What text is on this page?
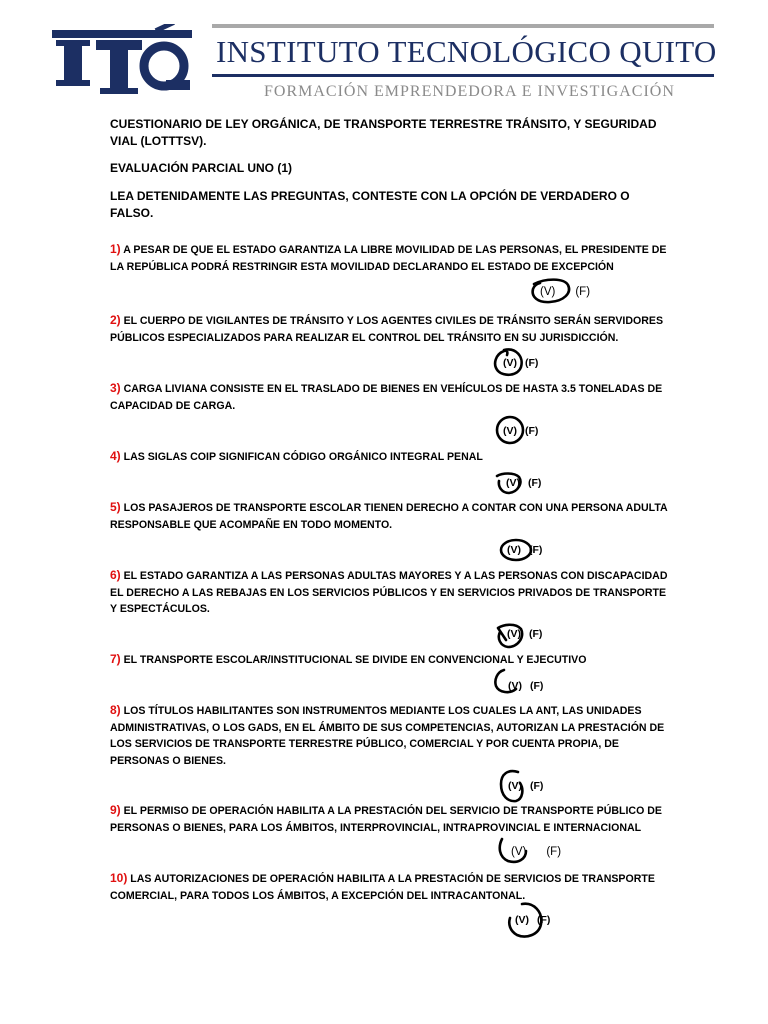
INSTITUTO TECNOLÓGICO QUITO
FORMACIÓN EMPRENDEDORA E INVESTIGACIÓN
CUESTIONARIO DE LEY ORGÁNICA, DE TRANSPORTE TERRESTRE TRÁNSITO, Y SEGURIDAD VIAL (LOTTTSV).
EVALUACIÓN PARCIAL UNO (1)
LEA DETENIDAMENTE LAS PREGUNTAS, CONTESTE CON LA OPCIÓN DE VERDADERO O FALSO.
1) A PESAR DE QUE EL ESTADO GARANTIZA LA LIBRE MOVILIDAD DE LAS PERSONAS, EL PRESIDENTE DE LA REPÚBLICA PODRÁ RESTRINGIR ESTA MOVILIDAD DECLARANDO EL ESTADO DE EXCEPCIÓN
(V) (F)
2) EL CUERPO DE VIGILANTES DE TRÁNSITO Y LOS AGENTES CIVILES DE TRÁNSITO SERÁN SERVIDORES PÚBLICOS ESPECIALIZADOS PARA REALIZAR EL CONTROL DEL TRÁNSITO EN SU JURISDICCIÓN.
(V) (F)
3) CARGA LIVIANA CONSISTE EN EL TRASLADO DE BIENES EN VEHÍCULOS DE HASTA 3.5 TONELADAS DE CAPACIDAD DE CARGA.
(V) (F)
4) LAS SIGLAS COIP SIGNIFICAN CÓDIGO ORGÁNICO INTEGRAL PENAL
(V) (F)
5) LOS PASAJEROS DE TRANSPORTE ESCOLAR TIENEN DERECHO A CONTAR CON UNA PERSONA ADULTA RESPONSABLE QUE ACOMPAÑE EN TODO MOMENTO.
(V) (F)
6) EL ESTADO GARANTIZA A LAS PERSONAS ADULTAS MAYORES Y A LAS PERSONAS CON DISCAPACIDAD EL DERECHO A LAS REBAJAS EN LOS SERVICIOS PÚBLICOS Y EN SERVICIOS PRIVADOS DE TRANSPORTE Y ESPECTÁCULOS.
(V) (F)
7) EL TRANSPORTE ESCOLAR/INSTITUCIONAL SE DIVIDE EN CONVENCIONAL Y EJECUTIVO
(V) (F)
8) LOS TÍTULOS HABILITANTES SON INSTRUMENTOS MEDIANTE LOS CUALES LA ANT, LAS UNIDADES ADMINISTRATIVAS, O LOS GADS, EN EL ÁMBITO DE SUS COMPETENCIAS, AUTORIZAN LA PRESTACIÓN DE LOS SERVICIOS DE TRANSPORTE TERRESTRE PÚBLICO, COMERCIAL Y POR CUENTA PROPIA, DE PERSONAS O BIENES.
(V) (F)
9) EL PERMISO DE OPERACIÓN HABILITA A LA PRESTACIÓN DEL SERVICIO DE TRANSPORTE PÚBLICO DE PERSONAS O BIENES, PARA LOS ÁMBITOS, INTERPROVINCIAL, INTRAPROVINCIAL E INTERNACIONAL
(V) (F)
10) LAS AUTORIZACIONES DE OPERACIÓN HABILITA A LA PRESTACIÓN DE SERVICIOS DE TRANSPORTE COMERCIAL, PARA TODOS LOS ÁMBITOS, A EXCEPCIÓN DEL INTRACANTONAL.
(V) (F)
